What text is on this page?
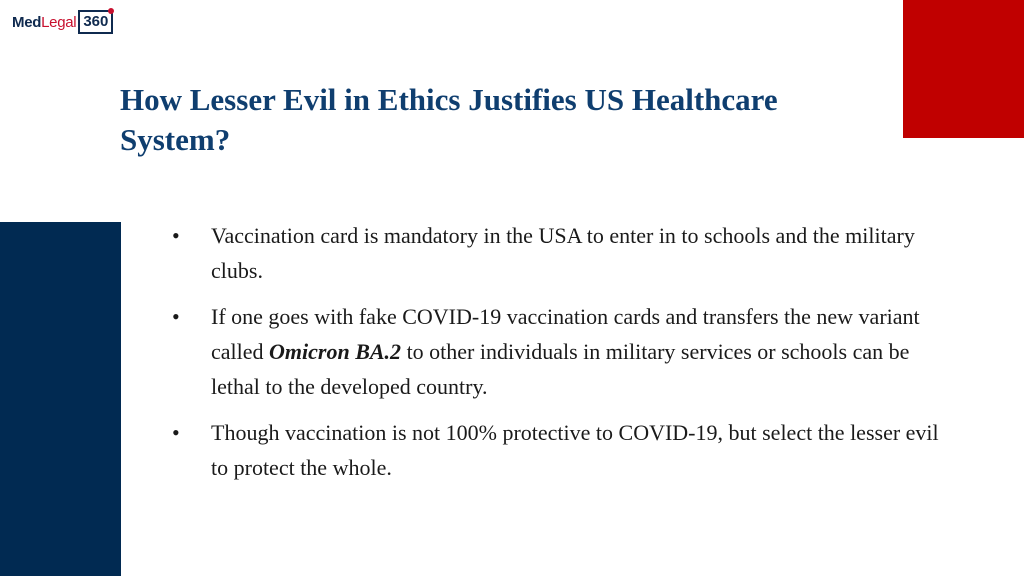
Med Legal 360
How Lesser Evil in Ethics Justifies US Healthcare System?
• Vaccination card is mandatory in the USA to enter in to schools and the military clubs.
• If one goes with fake COVID-19 vaccination cards and transfers the new variant called Omicron BA.2 to other individuals in military services or schools can be lethal to the developed country.
• Though vaccination is not 100% protective to COVID-19, but select the lesser evil to protect the whole.
